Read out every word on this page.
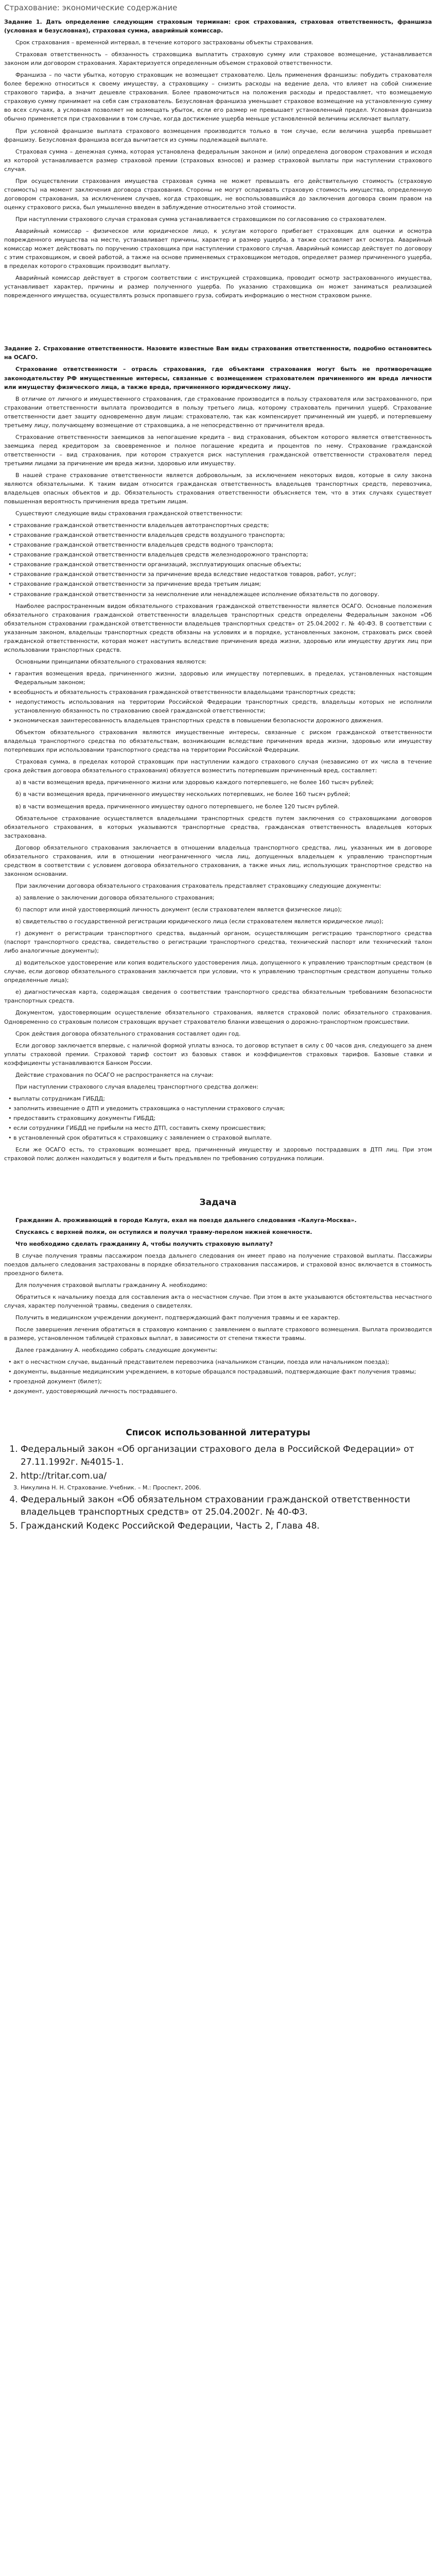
Страхование: экономические содержание

Задание 1. Дать определение следующим страховым терминам: срок страхования, страховая ответственность, франшиза (условная и безусловная), страховая сумма, аварийный комиссар.

Срок страхования – временной интервал, в течение которого застрахованы объекты страхования.

Страховая ответственность – обязанность страховщика выплатить страховую сумму или страховое возмещение, устанавливается законом или договором страхования. Характеризуется определенным объемом страховой ответственности.

Франшиза – по части убытка, которую страховщик не возмещает страхователю. Цель применения франшизы: побудить страхователя более бережно относиться к своему имуществу, а страховщику – снизить расходы на ведение дела, что влияет на собой снижение страхового тарифа, а значит дешевле страхования. Более правомочиться на положения расходы и предоставляет, что возмещаемую страховую сумму принимает на себя сам страхователь. Безусловная франшиза уменьшает страховое возмещение на установленную сумму во всех случаях, а условная позволяет не возмещать убыток, если его размер не превышает установленный предел. Условная франшиза обычно применяется при страховании в том случае, когда достижение ущерба меньше установленной величины исключает выплату.

При условной франшизе выплата страхового возмещения производится только в том случае, если величина ущерба превышает франшизу. Безусловная франшиза всегда вычитается из суммы подлежащей выплате.

Страховая сумма – денежная сумма, которая установлена федеральным законом и (или) определена договором страхования и исходя из которой устанавливается размер страховой премии (страховых взносов) и размер страховой выплаты при наступлении страхового случая.

При осуществлении страхования имущества страховая сумма не может превышать его действительную стоимость (страховую стоимость) на момент заключения договора страхования. Стороны не могут оспаривать страховую стоимость имущества, определенную договором страхования, за исключением случаев, когда страховщик, не воспользовавшийся до заключения договора своим правом на оценку страхового риска, был умышленно введен в заблуждение относительно этой стоимости.

При наступлении страхового случая страховая сумма устанавливается страховщиком по согласованию со страхователем.

Аварийный комиссар – физическое или юридическое лицо, к услугам которого прибегает страховщик для оценки и осмотра поврежденного имущества на месте, устанавливает причины, характер и размер ущерба, а также составляет акт осмотра. Аварийный комиссар может действовать по поручению страховщика при наступлении страхового случая. Аварийный комиссар действует по договору с этим страховщиком, и своей работой, а также на основе применяемых страховщиком методов, определяет размер причиненного ущерба, в пределах которого страховщик производит выплату.

Аварийный комиссар действует в строгом соответствии с инструкцией страховщика, проводит осмотр застрахованного имущества, устанавливает характер, причины и размер полученного ущерба. По указанию страховщика он может заниматься реализацией поврежденного имущества, осуществлять розыск пропавшего груза, собирать информацию о местном страховом рынке.

Задание 2. Страхование ответственности. Назовите известные Вам виды страхования ответственности, подробно остановитесь на ОСАГО.

Страхование ответственности – отрасль страхования, где объектами страхования могут быть не противоречащие законодательству РФ имущественные интересы, связанные с возмещением страхователем причиненного им вреда личности или имуществу физического лица, а также вреда, причиненного юридическому лицу.

В отличие от личного и имущественного страхования, где страхование производится в пользу страхователя или застрахованного, при страховании ответственности выплата производится в пользу третьего лица, которому страхователь причинил ущерб. Страхование ответственности дает защиту одновременно двум лицам: страхователю, так как компенсирует причиненный им ущерб, и потерпевшему третьему лицу, получающему возмещение от страховщика, а не непосредственно от причинителя вреда.

Страхование ответственности заемщиков за непогашение кредита – вид страхования, объектом которого является ответственность заемщика перед кредитором за своевременное и полное погашение кредита и процентов по нему. Страхование гражданской ответственности – вид страхования, при котором страхуется риск наступления гражданской ответственности страхователя перед третьими лицами за причинение им вреда жизни, здоровью или имуществу.

В нашей стране страхование ответственности является добровольным, за исключением некоторых видов, которые в силу закона являются обязательными. К таким видам относится гражданская ответственность владельцев транспортных средств, перевозчика, владельцев опасных объектов и др. Обязательность страхования ответственности объясняется тем, что в этих случаях существует повышенная вероятность причинения вреда третьим лицам.

Существуют следующие виды страхования гражданской ответственности:

• страхование гражданской ответственности владельцев автотранспортных средств;
• страхование гражданской ответственности владельцев средств воздушного транспорта;
• страхование гражданской ответственности владельцев средств водного транспорта;
• страхование гражданской ответственности владельцев средств железнодорожного транспорта;
• страхование гражданской ответственности организаций, эксплуатирующих опасные объекты;
• страхование гражданской ответственности за причинение вреда вследствие недостатков товаров, работ, услуг;
• страхование гражданской ответственности за причинение вреда третьим лицам;
• страхование гражданской ответственности за неисполнение или ненадлежащее исполнение обязательств по договору.

Наиболее распространенным видом обязательного страхования гражданской ответственности является ОСАГО. Основные положения обязательного страхования гражданской ответственности владельцев транспортных средств определены Федеральным законом «Об обязательном страховании гражданской ответственности владельцев транспортных средств» от 25.04.2002 г. № 40-ФЗ. В соответствии с указанным законом, владельцы транспортных средств обязаны на условиях и в порядке, установленных законом, страховать риск своей гражданской ответственности, которая может наступить вследствие причинения вреда жизни, здоровью или имуществу других лиц при использовании транспортных средств.

Основными принципами обязательного страхования являются:

• гарантия возмещения вреда, причиненного жизни, здоровью или имуществу потерпевших, в пределах, установленных настоящим Федеральным законом;
• всеобщность и обязательность страхования гражданской ответственности владельцами транспортных средств;
• недопустимость использования на территории Российской Федерации транспортных средств, владельцы которых не исполнили установленную обязанность по страхованию своей гражданской ответственности;
• экономическая заинтересованность владельцев транспортных средств в повышении безопасности дорожного движения.

Объектом обязательного страхования являются имущественные интересы, связанные с риском гражданской ответственности владельца транспортного средства по обязательствам, возникающим вследствие причинения вреда жизни, здоровью или имуществу потерпевших при использовании транспортного средства на территории Российской Федерации.

Страховая сумма, в пределах которой страховщик при наступлении каждого страхового случая (независимо от их числа в течение срока действия договора обязательного страхования) обязуется возместить потерпевшим причиненный вред, составляет:

а) в части возмещения вреда, причиненного жизни или здоровью каждого потерпевшего, не более 160 тысяч рублей;

б) в части возмещения вреда, причиненного имуществу нескольких потерпевших, не более 160 тысяч рублей;

в) в части возмещения вреда, причиненного имуществу одного потерпевшего, не более 120 тысяч рублей.

Обязательное страхование осуществляется владельцами транспортных средств путем заключения со страховщиками договоров обязательного страхования, в которых указываются транспортные средства, гражданская ответственность владельцев которых застрахована.

Договор обязательного страхования заключается в отношении владельца транспортного средства, лиц, указанных им в договоре обязательного страхования, или в отношении неограниченного числа лиц, допущенных владельцем к управлению транспортным средством в соответствии с условием договора обязательного страхования, а также иных лиц, использующих транспортное средство на законном основании.

При заключении договора обязательного страхования страхователь представляет страховщику следующие документы:

а) заявление о заключении договора обязательного страхования;

б) паспорт или иной удостоверяющий личность документ (если страхователем является физическое лицо);

в) свидетельство о государственной регистрации юридического лица (если страхователем является юридическое лицо);

г) документ о регистрации транспортного средства, выданный органом, осуществляющим регистрацию транспортного средства (паспорт транспортного средства, свидетельство о регистрации транспортного средства, технический паспорт или технический талон либо аналогичные документы);

д) водительское удостоверение или копия водительского удостоверения лица, допущенного к управлению транспортным средством (в случае, если договор обязательного страхования заключается при условии, что к управлению транспортным средством допущены только определенные лица);

е) диагностическая карта, содержащая сведения о соответствии транспортного средства обязательным требованиям безопасности транспортных средств.

Документом, удостоверяющим осуществление обязательного страхования, является страховой полис обязательного страхования. Одновременно со страховым полисом страховщик вручает страхователю бланки извещения о дорожно-транспортном происшествии.

Срок действия договора обязательного страхования составляет один год.

Если договор заключается впервые, с наличной формой уплаты взноса, то договор вступает в силу с 00 часов дня, следующего за днем уплаты страховой премии. Страховой тариф состоит из базовых ставок и коэффициентов страховых тарифов. Базовые ставки и коэффициенты устанавливаются Банком России.

Действие страхования по ОСАГО не распространяется на случаи:

При наступлении страхового случая владелец транспортного средства должен:

• выплаты сотрудникам ГИБДД;
• заполнить извещение о ДТП и уведомить страховщика о наступлении страхового случая;
• предоставить страховщику документы ГИБДД;
• если сотрудники ГИБДД не прибыли на место ДТП, составить схему происшествия;
• в установленный срок обратиться к страховщику с заявлением о страховой выплате.

Если же ОСАГО есть, то страховщик возмещает вред, причиненный имуществу и здоровью пострадавших в ДТП лиц. При этом страховой полис должен находиться у водителя и быть предъявлен по требованию сотрудника полиции.

Задача

Гражданин А. проживающий в городе Калуга, ехал на поезде дальнего следования «Калуга-Москва».

Спускаясь с верхней полки, он оступился и получил травму-перелом нижней конечности.

Что необходимо сделать гражданину А, чтобы получить страховую выплату?

В случае получения травмы пассажиром поезда дальнего следования он имеет право на получение страховой выплаты. Пассажиры поездов дальнего следования застрахованы в порядке обязательного страхования пассажиров, и страховой взнос включается в стоимость проездного билета.

Для получения страховой выплаты гражданину А. необходимо:

Обратиться к начальнику поезда для составления акта о несчастном случае. При этом в акте указываются обстоятельства несчастного случая, характер полученной травмы, сведения о свидетелях.

Получить в медицинском учреждении документ, подтверждающий факт получения травмы и ее характер.

После завершения лечения обратиться в страховую компанию с заявлением о выплате страхового возмещения. Выплата производится в размере, установленном таблицей страховых выплат, в зависимости от степени тяжести травмы.

Далее гражданину А. необходимо собрать следующие документы:

• акт о несчастном случае, выданный представителем перевозчика (начальником станции, поезда или начальником поезда);
• документы, выданные медицинским учреждением, в которые обращался пострадавший, подтверждающие факт получения травмы;
• проездной документ (билет);
• документ, удостоверяющий личность пострадавшего.
Список использованной литературы
1. Федеральный закон «Об организации страхового дела в Российской Федерации» от 27.11.1992г. №4015-1.
2. http://tritar.com.ua/
3. Никулина Н. Н. Страхование. Учебник. – М.: Проспект, 2006.
4. Федеральный закон «Об обязательном страховании гражданской ответственности владельцев транспортных средств» от 25.04.2002г. № 40-ФЗ.
5. Гражданский Кодекс Российской Федерации, Часть 2, Глава 48.
